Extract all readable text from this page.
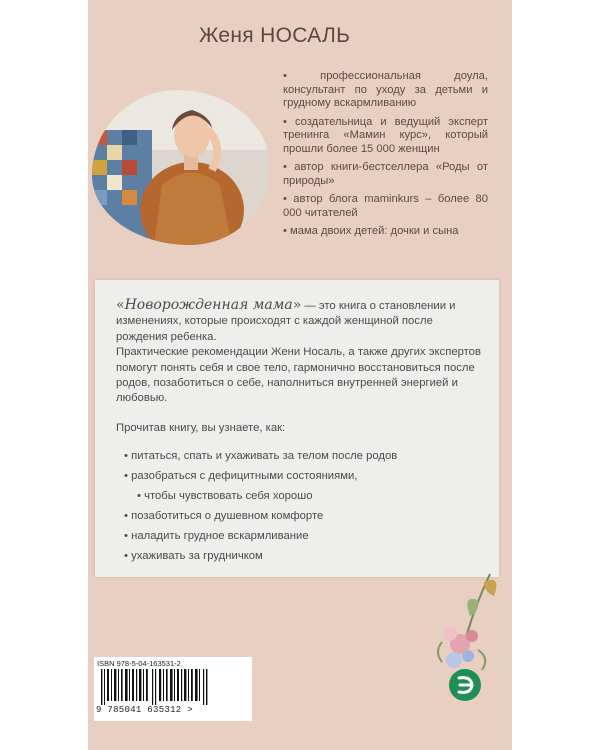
Женя НОСАЛЬ
• професcиональная доула, консультант по уходу за детьми и грудному вскармливанию
• создательница и ведущий эксперт тренинга «Мамин курс», который прошли более 15 000 женщин
• автор книги-бестселлера «Роды от природы»
• автор блога maminkurs – более 80 000 читателей
• мама двоих детей: дочки и сына

«Новорожденная мама» — это книга о становлении и изменениях, которые происходят с каждой женщиной после рождения ребенка.
Практические рекомендации Жени Носаль, а также других экспертов помогут понять себя и свое тело, гармонично восстановиться после родов, позаботиться о себе, наполниться внутренней энергией и любовью.

Прочитав книгу, вы узнаете, как:
• питаться, спать и ухаживать за телом после родов
• разобраться с дефицитными состояниями,
• чтобы чувствовать себя хорошо
• позаботиться о душевном комфорте
• наладить грудное вскармливание
• ухаживать за грудничком
ISBN 978-5-04-163531-2
9 785041 635312 >
